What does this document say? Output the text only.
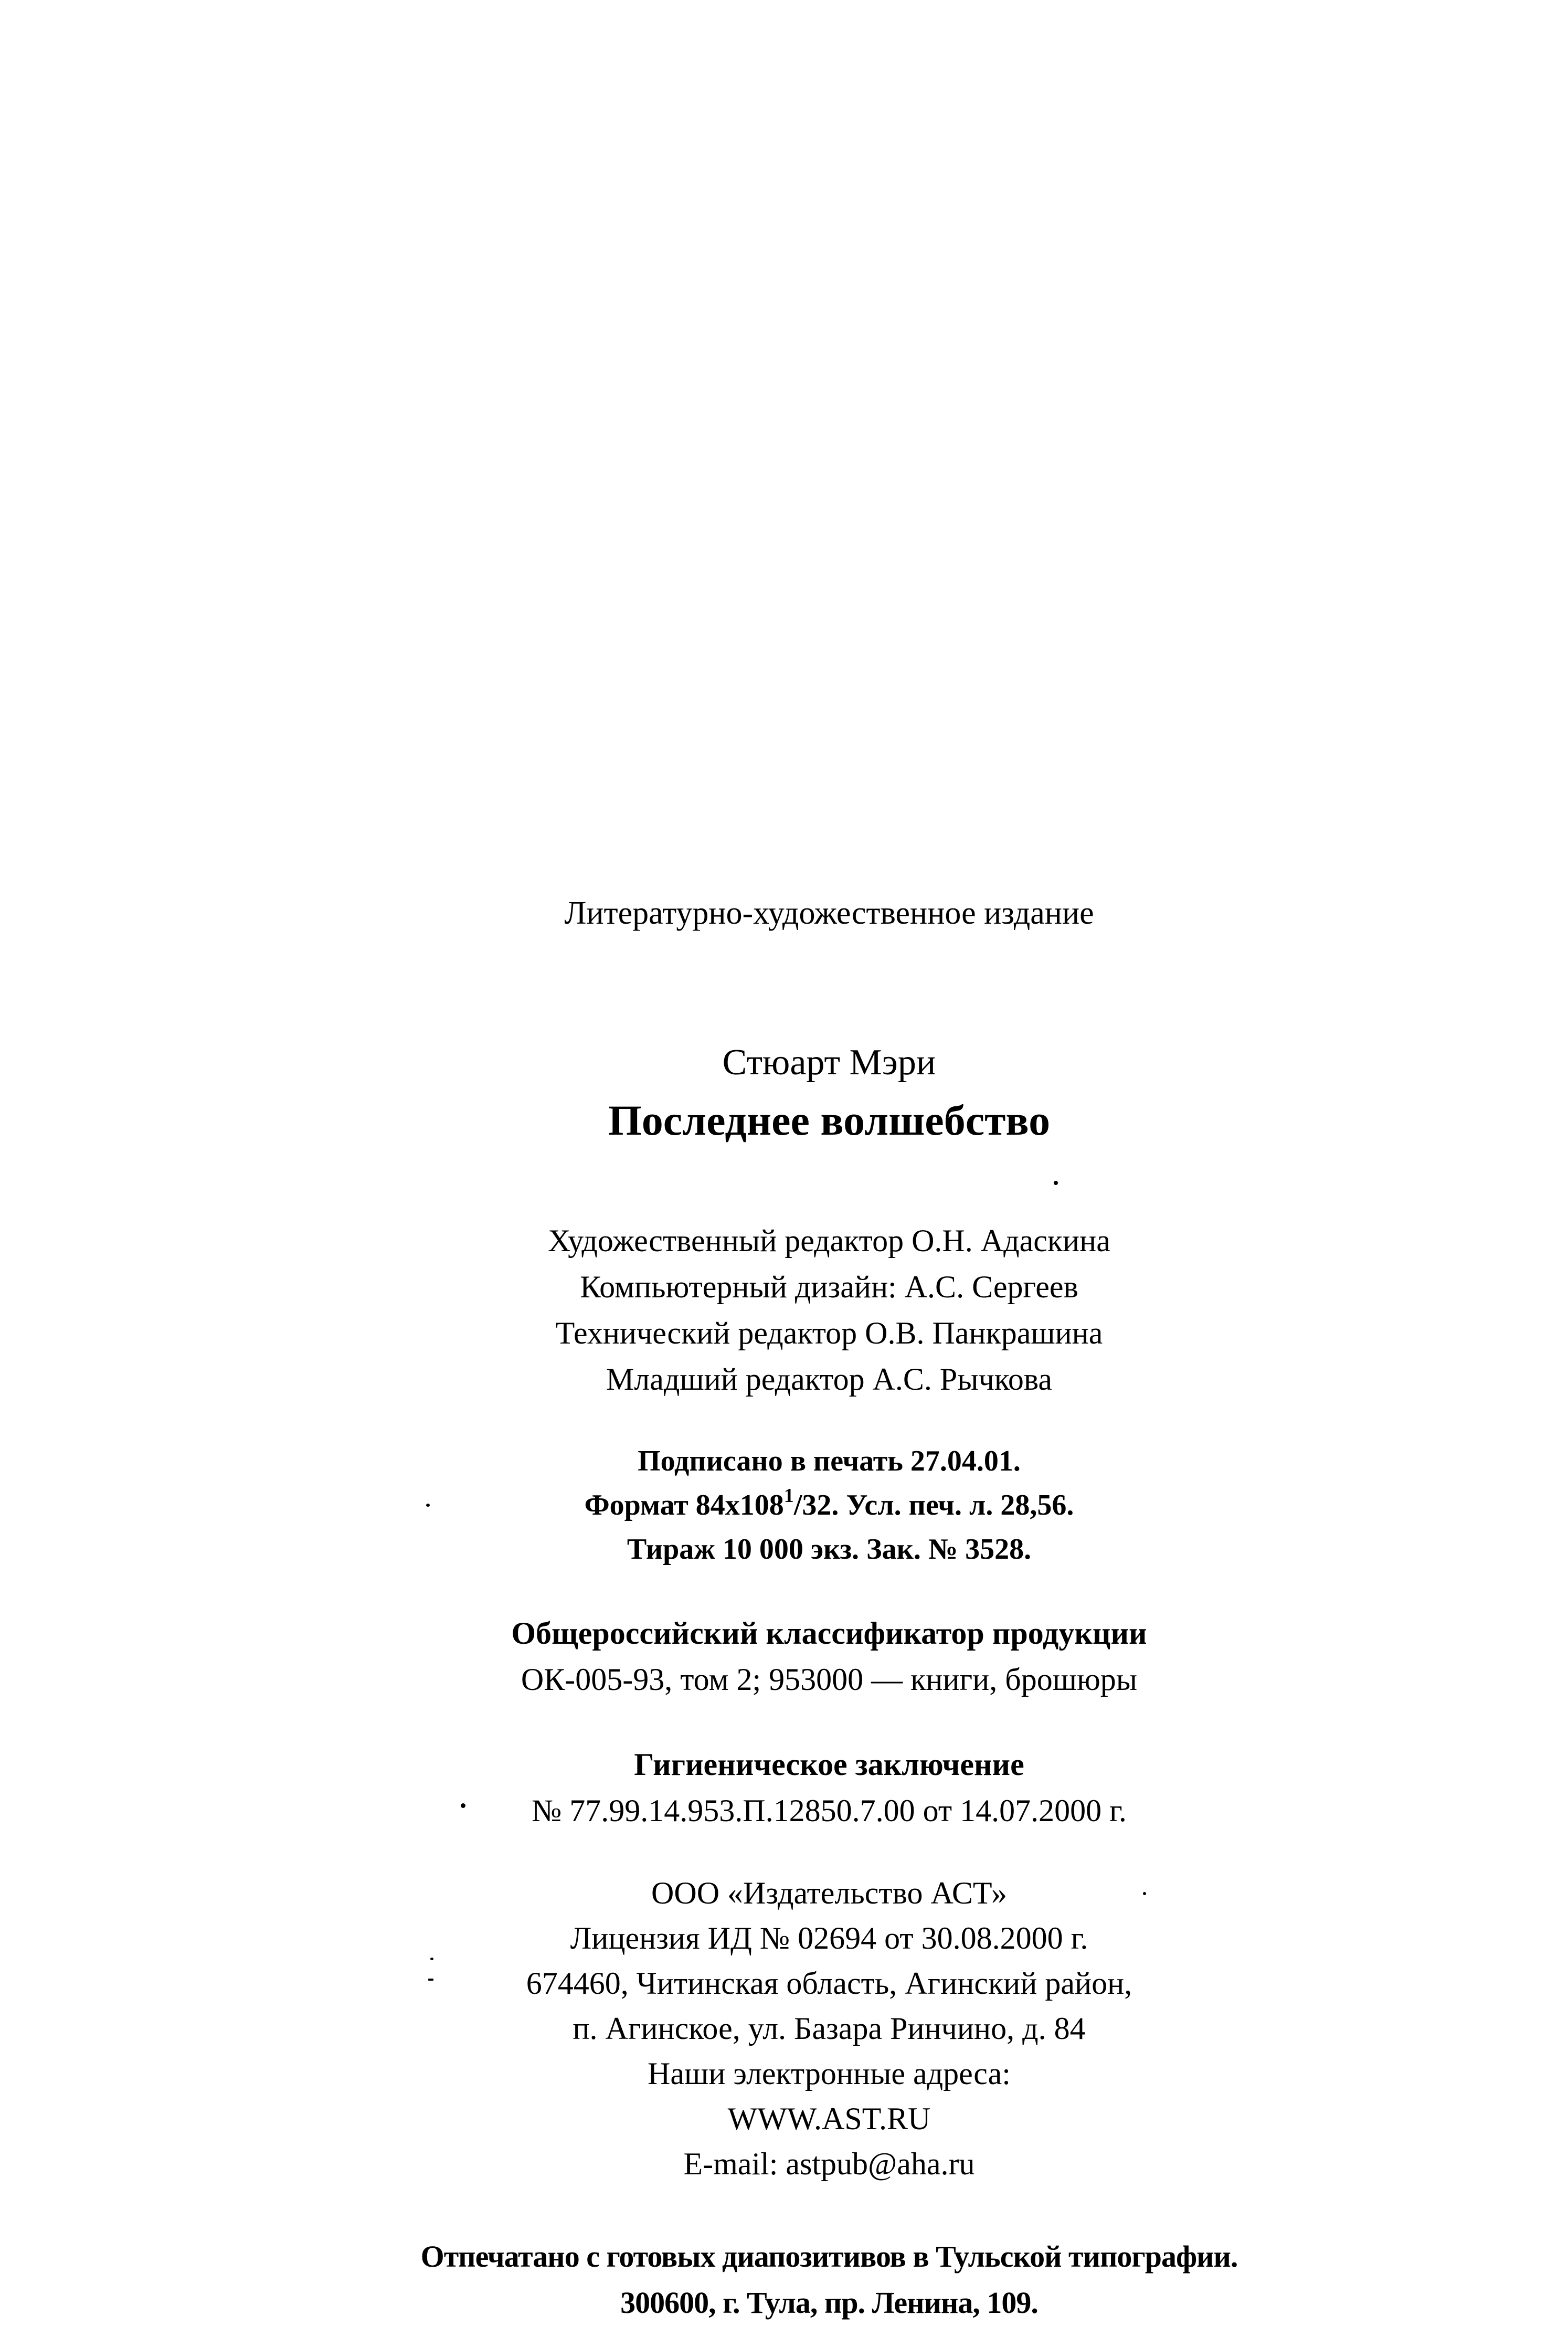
Литературно-художественное издание

Стюарт Мэри

Последнее волшебство

Художественный редактор О.Н. Адаскина

Компьютерный дизайн: А.С. Сергеев

Технический редактор О.В. Панкрашина

Младший редактор А.С. Рычкова

Подписано в печать 27.04.01.

Формат $84х108^1/32$. Усл. печ. л. 28,56.

Тираж 10 000 экз. Зак. № 3528.

Общероссийский классификатор продукции

ОК-005-93, том 2; 953000 — книги, брошюры

Гигиеническое заключение

№ 77.99.14.953.П.12850.7.00 от 14.07.2000 г.

ООО «Издательство АСТ»

Лицензия ИД № 02694 от 30.08.2000 г.

674460, Читинская область, Агинский район,

п. Агинское, ул. Базара Ринчино, д. 84

Наши электронные адреса:

WWW.AST.RU

E-mail: astpub@aha.ru

Отпечатано с готовых диапозитивов в Тульской типографии.

300600, г. Тула, пр. Ленина, 109.
